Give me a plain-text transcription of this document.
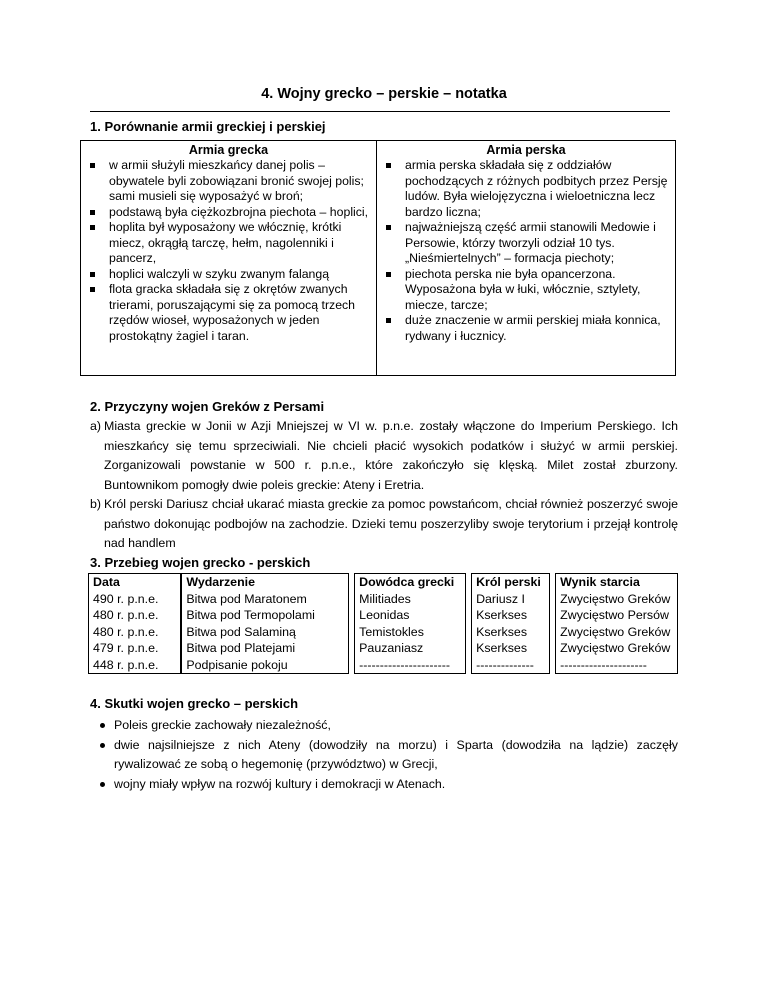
4. Wojny grecko – perskie – notatka
1. Porównanie armii greckiej i perskiej
Armia grecka
w armii służyli mieszkańcy danej polis – obywatele byli zobowiązani bronić swojej polis; sami musieli się wyposażyć w broń;
podstawą była ciężkozbrojna piechota – hoplici,
hoplita był wyposażony we włócznię, krótki miecz, okrągłą tarczę, hełm, nagolenniki i pancerz,
hoplici walczyli w szyku zwanym falangą
flota gracka składała się z okrętów zwanych trierami, poruszającymi się za pomocą trzech rzędów wioseł, wyposażonych w jeden prostokątny żagiel i taran.
Armia perska
armia perska składała się z oddziałów pochodzących z różnych podbitych przez Persję ludów. Była wielojęzyczna i wieloetniczna lecz bardzo liczna;
najważniejszą część armii stanowili Medowie i Persowie, którzy tworzyli odział 10 tys. „Nieśmiertelnych” – formacja piechoty;
piechota perska nie była opancerzona. Wyposażona była w łuki, włócznie, sztylety, miecze, tarcze;
duże znaczenie w armii perskiej miała konnica, rydwany i łucznicy.
2. Przyczyny wojen Greków z Persami
a) Miasta greckie w Jonii w Azji Mniejszej w VI w. p.n.e. zostały włączone do Imperium Perskiego. Ich mieszkańcy się temu sprzeciwiali. Nie chcieli płacić wysokich podatków i służyć w armii perskiej. Zorganizowali powstanie w 500 r. p.n.e., które zakończyło się klęską. Milet został zburzony. Buntownikom pomogły dwie poleis greckie: Ateny i Eretria.
b) Król perski Dariusz chciał ukarać miasta greckie za pomoc powstańcom, chciał również poszerzyć swoje państwo dokonując podbojów na zachodzie. Dzieki temu poszerzyliby swoje terytorium i przejął kontrolę nad handlem
3. Przebieg wojen grecko - perskich
Data	Wydarzenie		Dowódca grecki		Król perski		Wynik starcia
490 r. p.n.e.	Bitwa pod Maratonem		Militiades		Dariusz I		Zwycięstwo Greków
480 r. p.n.e.	Bitwa pod Termopolami		Leonidas		Kserkses		Zwycięstwo Persów
480 r. p.n.e.	Bitwa pod Salaminą		Temistokles		Kserkses		Zwycięstwo Greków
479 r. p.n.e.	Bitwa pod Platejami		Pauzaniasz		Kserkses		Zwycięstwo Greków
448 r. p.n.e.	Podpisanie pokoju		----------------------		--------------		---------------------
4. Skutki wojen grecko – perskich
Poleis greckie zachowały niezależność,
dwie najsilniejsze z nich Ateny (dowodziły na morzu) i Sparta (dowodziła na lądzie) zaczęły rywalizować ze sobą o hegemonię (przywództwo) w Grecji,
wojny miały wpływ na rozwój kultury i demokracji w Atenach.
